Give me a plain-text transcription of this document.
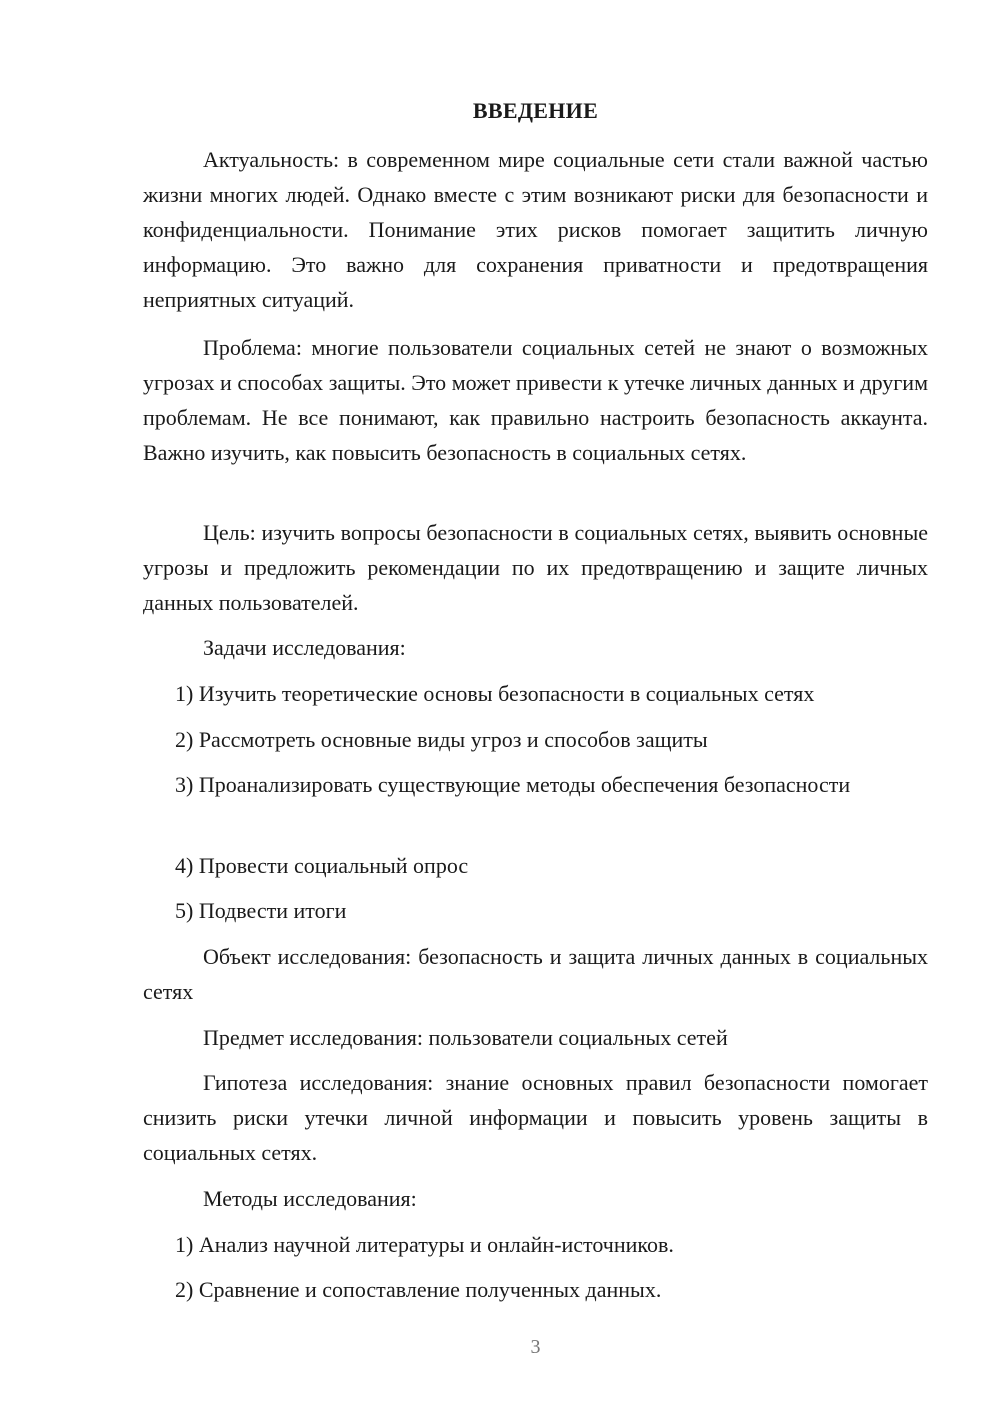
ВВЕДЕНИЕ

Актуальность: в современном мире социальные сети стали важной частью жизни многих людей. Однако вместе с этим возникают риски для безопасности и конфиденциальности. Понимание этих рисков помогает защитить личную информацию. Это важно для сохранения приватности и предотвращения неприятных ситуаций.

Проблема: многие пользователи социальных сетей не знают о возможных угрозах и способах защиты. Это может привести к утечке личных данных и другим проблемам. Не все понимают, как правильно настроить безопасность аккаунта. Важно изучить, как повысить безопасность в социальных сетях.

Цель: изучить вопросы безопасности в социальных сетях, выявить основные угрозы и предложить рекомендации по их предотвращению и защите личных данных пользователей.

Задачи исследования:

1) Изучить теоретические основы безопасности в социальных сетях

2) Рассмотреть основные виды угроз и способов защиты

3) Проанализировать существующие методы обеспечения безопасности

4) Провести социальный опрос

5) Подвести итоги

Объект исследования: безопасность и защита личных данных в социальных сетях

Предмет исследования: пользователи социальных сетей

Гипотеза исследования: знание основных правил безопасности помогает снизить риски утечки личной информации и повысить уровень защиты в социальных сетях.

Методы исследования:

1) Анализ научной литературы и онлайн-источников.

2) Сравнение и сопоставление полученных данных.

3
